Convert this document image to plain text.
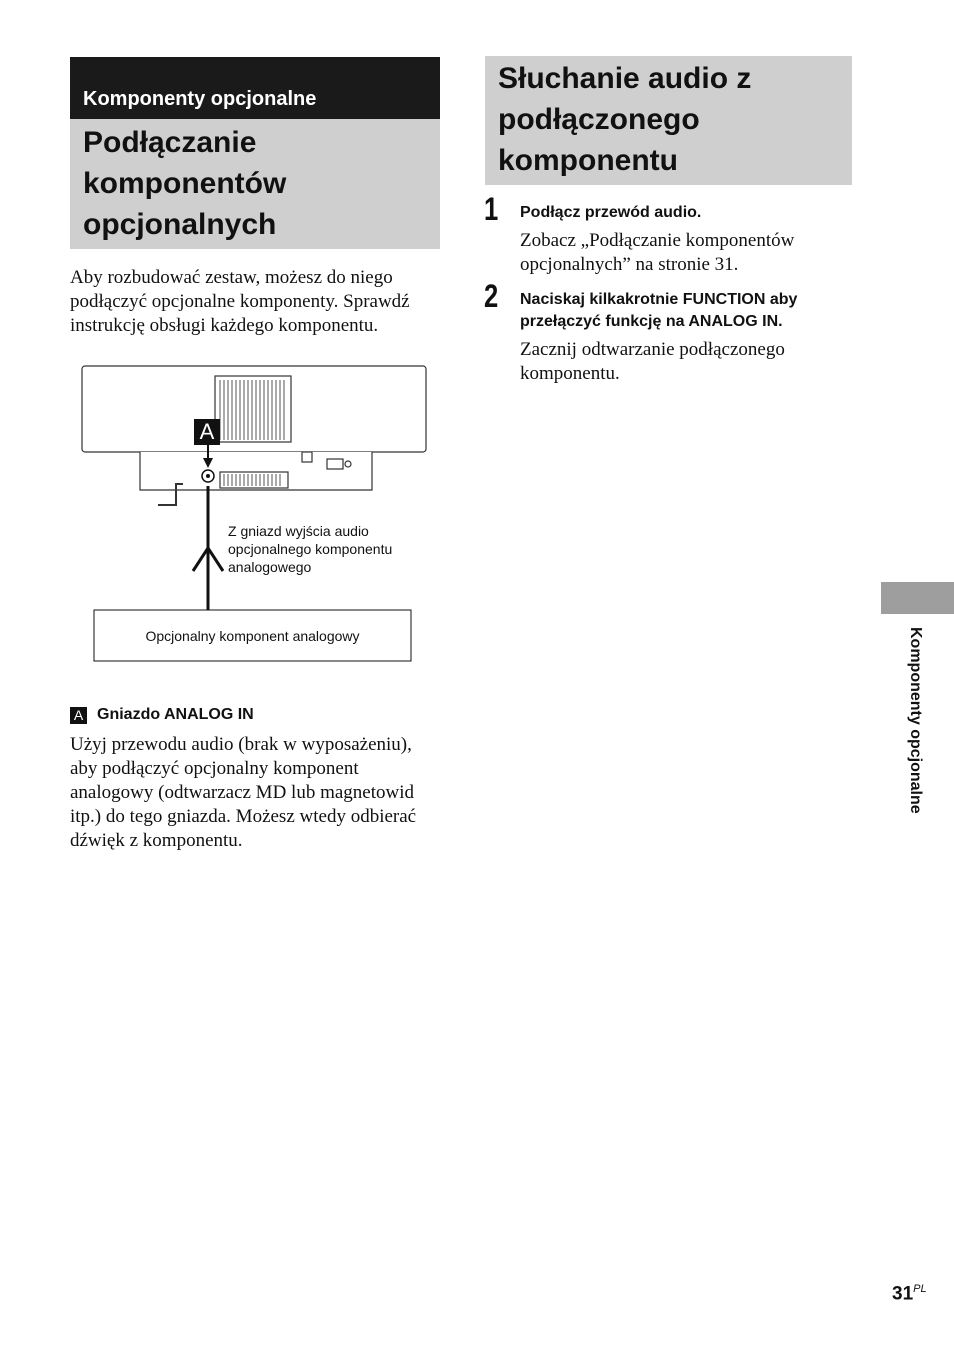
Komponenty opcjonalne
Podłączanie komponentów opcjonalnych

Aby rozbudować zestaw, możesz do niego podłączyć opcjonalne komponenty. Sprawdź instrukcję obsługi każdego komponentu.

A
Z gniazd wyjścia audio opcjonalnego komponentu analogowego
Opcjonalny komponent analogowy
A Gniazdo ANALOG IN

Użyj przewodu audio (brak w wyposażeniu), aby podłączyć opcjonalny komponent analogowy (odtwarzacz MD lub magnetowid itp.) do tego gniazda. Możesz wtedy odbierać dźwięk z komponentu.

Słuchanie audio z podłączonego komponentu
1 Podłącz przewód audio.

Zobacz „Podłączanie komponentów opcjonalnych” na stronie 31.

2 Naciskaj kilkakrotnie FUNCTION aby przełączyć funkcję na ANALOG IN.

Zacznij odtwarzanie podłączonego komponentu.

Komponenty opcjonalne
$31^{PL}$
